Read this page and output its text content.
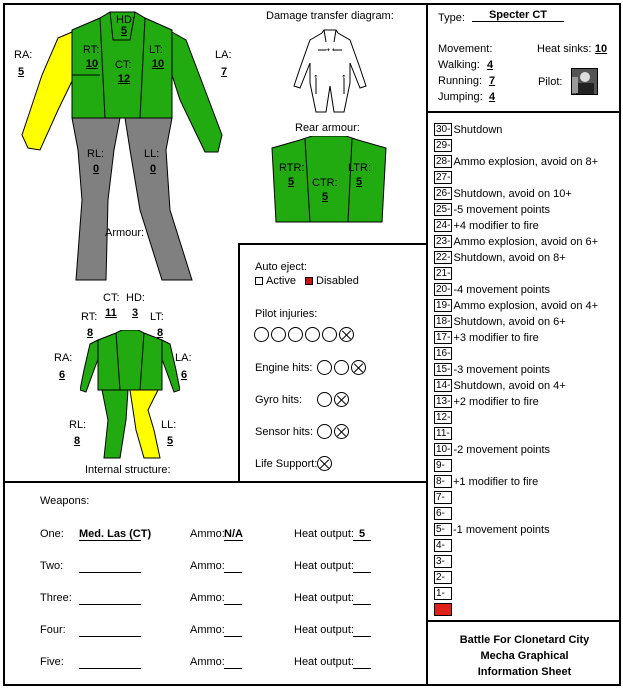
HD:
5
RT:
10	CT:
12
LT:
10
RA:
5
LA:
7
RL:
0
LL:
0
Armour:
Damage transfer diagram:
→ ←
↑	↑
Rear armour:
RTR:
5	CTR:
5
LTR:
5
CT: HD:
11	3
RT:
8
LT:
8
RA:
6
LA:
6
RL:
8
LL:
5
Internal structure:
Auto eject:
Active Disabled
Pilot injuries:
Engine hits:
Gyro hits:
Sensor hits:
Life Support:
Type:	Specter CT
Movement:	Heat sinks: 10
Walking: 4
Running: 7
Jumping: 4
Pilot:
30- Shutdown
29-
28- Ammo explosion, avoid on 8+
27-
26- Shutdown, avoid on 10+
25- -5 movement points
24- +4 modifier to fire
23- Ammo explosion, avoid on 6+
22- Shutdown, avoid on 8+
21-
20- -4 movement points
19- Ammo explosion, avoid on 4+
18- Shutdown, avoid on 6+
17- +3 modifier to fire
16-
15- -3 movement points
14- Shutdown, avoid on 4+
13- +2 modifier to fire
12-
11-
10- -2 movement points
9-
8- +1 modifier to fire
7-
6-
5- -1 movement points
4-
3-
2-
1-
0-
Battle For Clonetard City
Mecha Graphical
Information Sheet
Weapons:
One: Med. Las (CT)	Ammo: N/A	Heat output: 5
Two:	Ammo:	Heat output:
Three:	Ammo:	Heat output:
Four:	Ammo:	Heat output:
Five:	Ammo:	Heat output:
